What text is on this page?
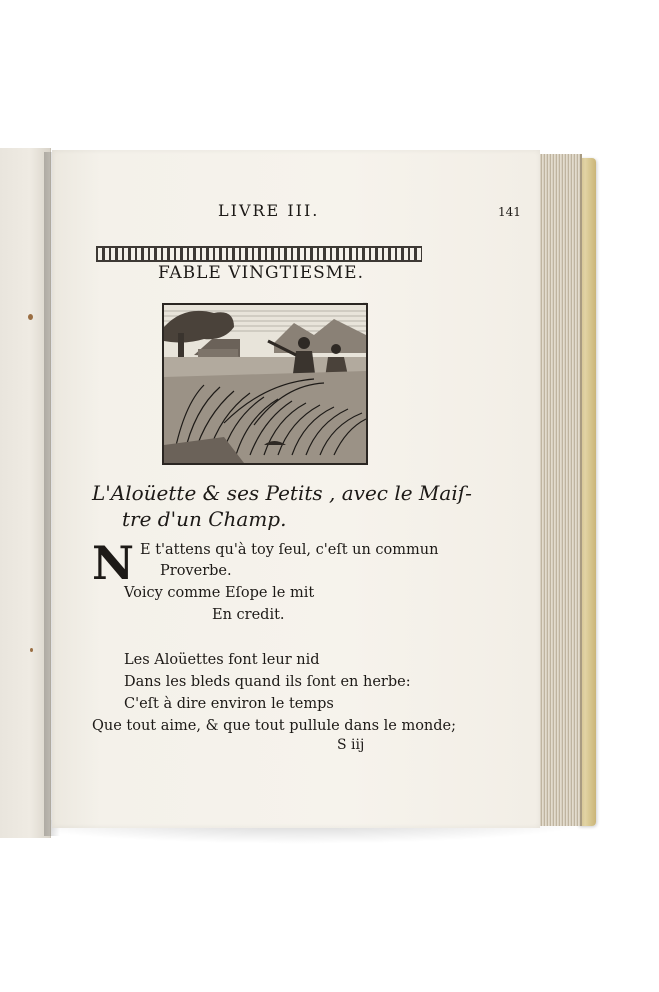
LIVRE III.	141
FABLE VINGTIESME.
L'Aloüette & ses Petits , avec le Maiſ-
tre d'un Champ.
N E t'attens qu'à toy ſeul, c'eſt un commun
Proverbe.
Voicy comme Eſope le mit
En credit.
Les Aloüettes font leur nid
Dans les bleds quand ils ſont en herbe:
C'eſt à dire environ le temps
Que tout aime, & que tout pullule dans le monde;
S iij
